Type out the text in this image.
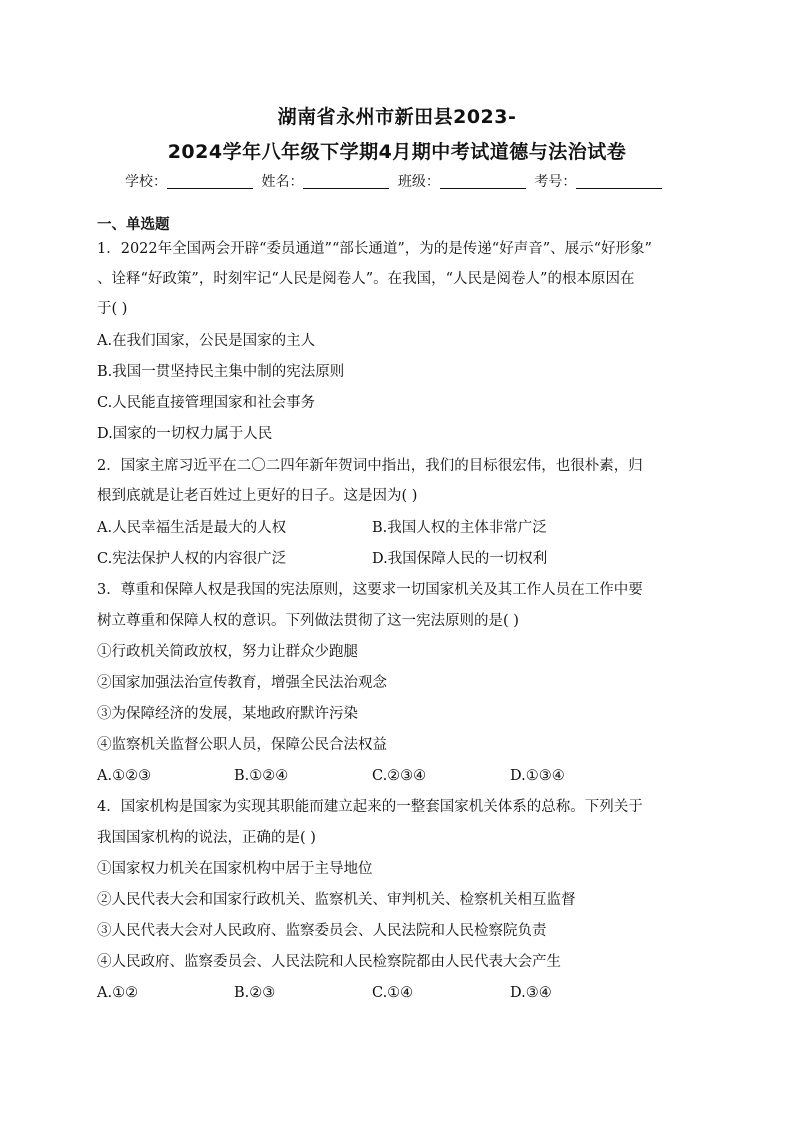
湖南省永州市新田县2023-
2024学年八年级下学期4月期中考试道德与法治试卷
学校：	姓名：	班级：	考号：
一、单选题
1．2022年全国两会开辟“委员通道”“部长通道”，为的是传递“好声音”、展示“好形象”
、诠释“好政策”，时刻牢记“人民是阅卷人”。在我国，“人民是阅卷人”的根本原因在
于( )
A.在我们国家，公民是国家的主人
B.我国一贯坚持民主集中制的宪法原则
C.人民能直接管理国家和社会事务
D.国家的一切权力属于人民
2．国家主席习近平在二〇二四年新年贺词中指出，我们的目标很宏伟，也很朴素，归
根到底就是让老百姓过上更好的日子。这是因为( )
A.人民幸福生活是最大的人权	B.我国人权的主体非常广泛
C.宪法保护人权的内容很广泛	D.我国保障人民的一切权利
3．尊重和保障人权是我国的宪法原则，这要求一切国家机关及其工作人员在工作中要
树立尊重和保障人权的意识。下列做法贯彻了这一宪法原则的是( )
①行政机关简政放权，努力让群众少跑腿
②国家加强法治宣传教育，增强全民法治观念
③为保障经济的发展，某地政府默许污染
④监察机关监督公职人员，保障公民合法权益
A.①②③	B.①②④	C.②③④	D.①③④
4．国家机构是国家为实现其职能而建立起来的一整套国家机关体系的总称。下列关于
我国国家机构的说法，正确的是( )
①国家权力机关在国家机构中居于主导地位
②人民代表大会和国家行政机关、监察机关、审判机关、检察机关相互监督
③人民代表大会对人民政府、监察委员会、人民法院和人民检察院负责
④人民政府、监察委员会、人民法院和人民检察院都由人民代表大会产生
A.①②	B.②③	C.①④	D.③④
